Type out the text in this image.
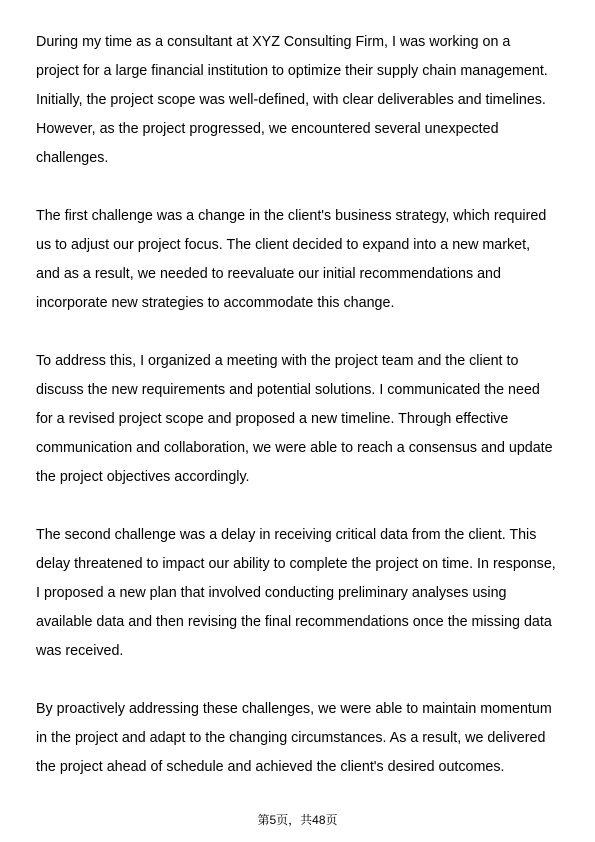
During my time as a consultant at XYZ Consulting Firm, I was working on a
project for a large financial institution to optimize their supply chain management.
Initially, the project scope was well-defined, with clear deliverables and timelines.
However, as the project progressed, we encountered several unexpected
challenges.
The first challenge was a change in the client's business strategy, which required
us to adjust our project focus. The client decided to expand into a new market,
and as a result, we needed to reevaluate our initial recommendations and
incorporate new strategies to accommodate this change.
To address this, I organized a meeting with the project team and the client to
discuss the new requirements and potential solutions. I communicated the need
for a revised project scope and proposed a new timeline. Through effective
communication and collaboration, we were able to reach a consensus and update
the project objectives accordingly.
The second challenge was a delay in receiving critical data from the client. This
delay threatened to impact our ability to complete the project on time. In response,
I proposed a new plan that involved conducting preliminary analyses using
available data and then revising the final recommendations once the missing data
was received.
By proactively addressing these challenges, we were able to maintain momentum
in the project and adapt to the changing circumstances. As a result, we delivered
the project ahead of schedule and achieved the client's desired outcomes.
第5页，共48页
